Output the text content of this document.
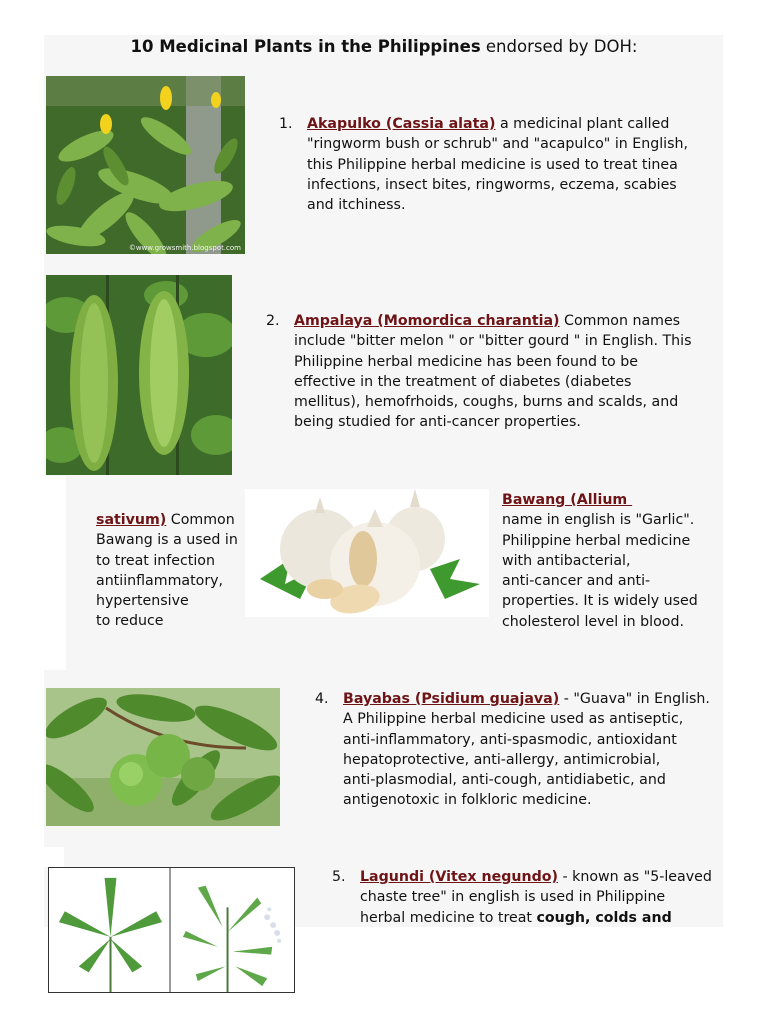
10 Medicinal Plants in the Philippines endorsed by DOH:
©www.growsmith.blogspot.com
1. Akapulko (Cassia alata) a medicinal plant called
"ringworm bush or schrub" and "acapulco" in English,
this Philippine herbal medicine is used to treat tinea
infections, insect bites, ringworms, eczema, scabies
and itchiness.
2. Ampalaya (Momordica charantia) Common names
include "bitter melon " or "bitter gourd " in English. This
Philippine herbal medicine has been found to be
effective in the treatment of diabetes (diabetes
mellitus), hemofrhoids, coughs, burns and scalds, and
being studied for anti-cancer properties.
sativum) Common
Bawang is a used in
to treat infection
antiinflammatory,
hypertensive
to reduce
Bawang (Allium
name in english is "Garlic".
Philippine herbal medicine
with antibacterial,
anti-cancer and anti-
properties. It is widely used
cholesterol level in blood.
4. Bayabas (Psidium guajava) - "Guava" in English.
A Philippine herbal medicine used as antiseptic,
anti-inflammatory, anti-spasmodic, antioxidant
hepatoprotective, anti-allergy, antimicrobial,
anti-plasmodial, anti-cough, antidiabetic, and
antigenotoxic in folkloric medicine.
5. Lagundi (Vitex negundo) - known as "5-leaved
chaste tree" in english is used in Philippine
herbal medicine to treat cough, colds and
